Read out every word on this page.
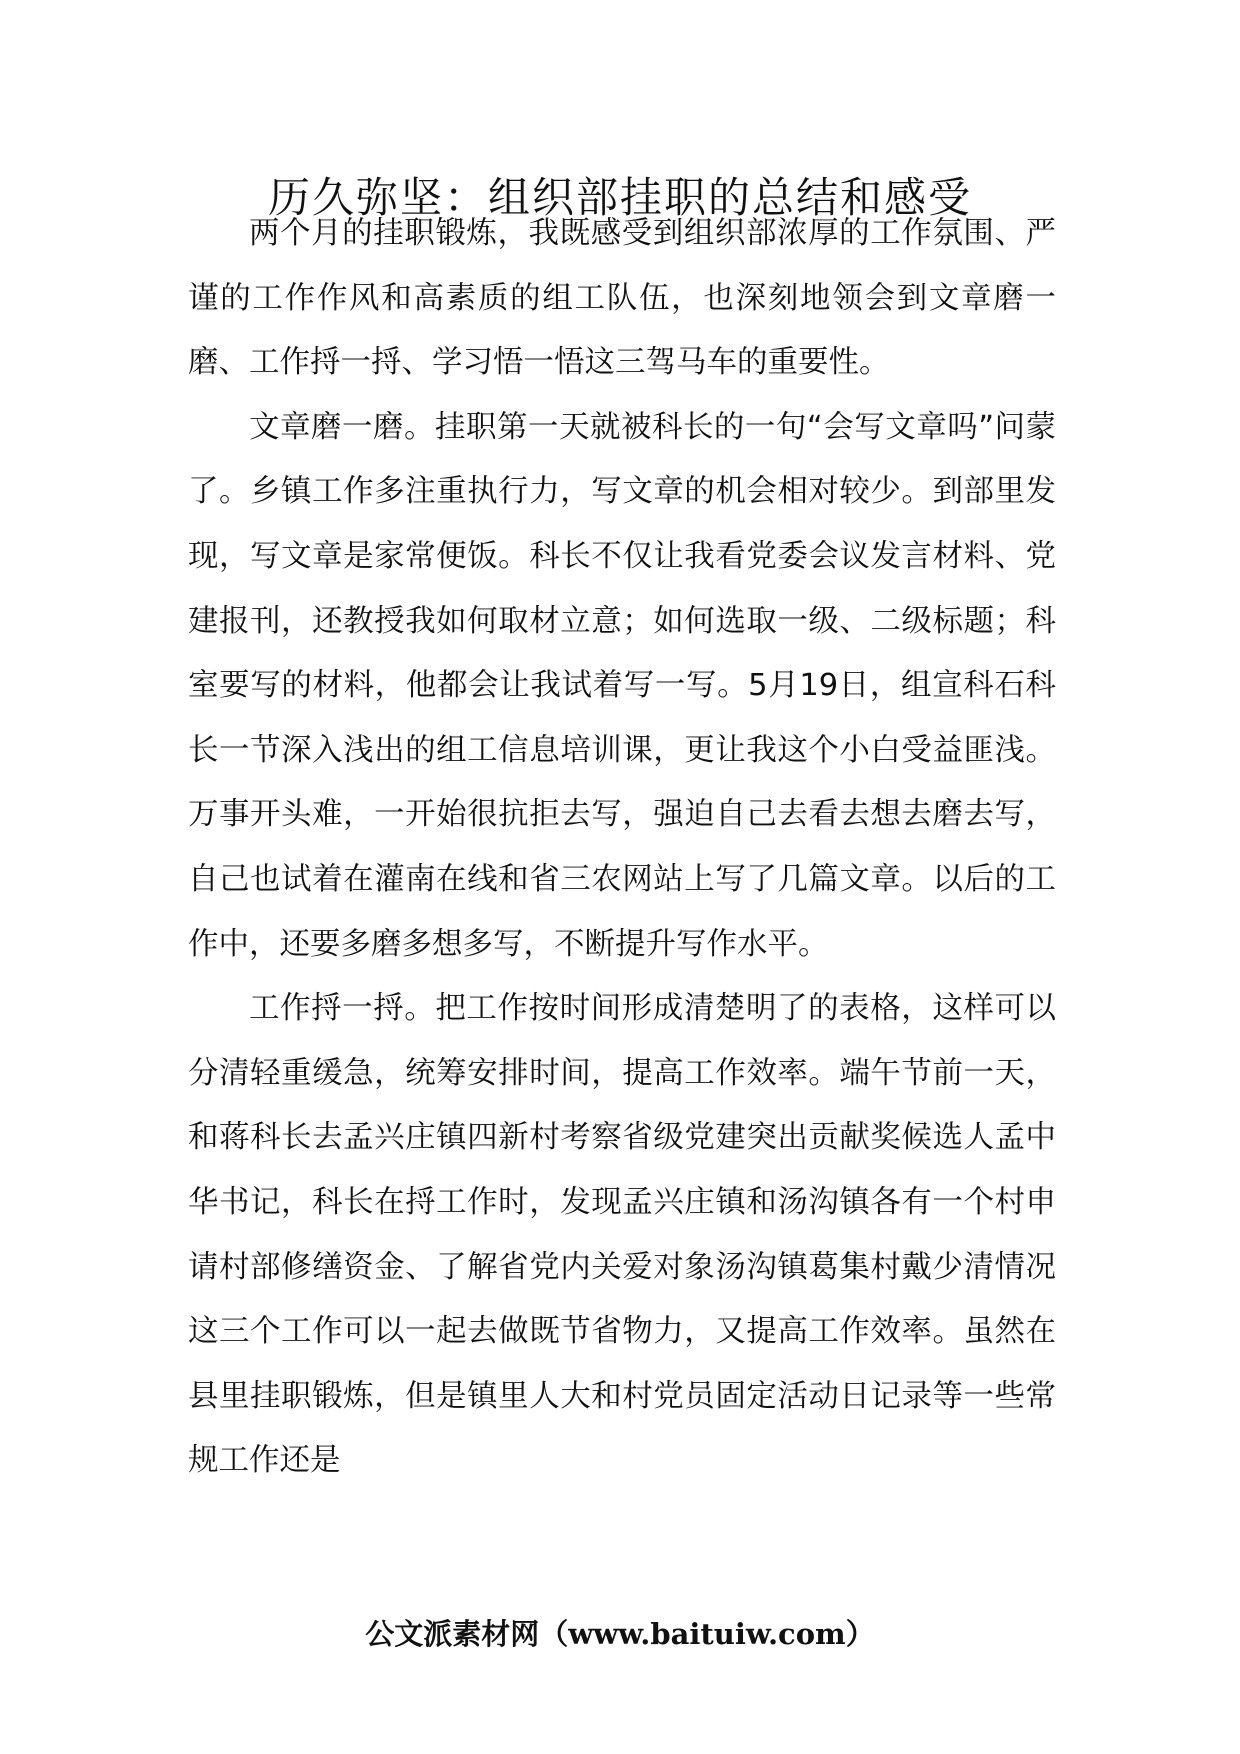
历久弥坚：组织部挂职的总结和感受

两个月的挂职锻炼，我既感受到组织部浓厚的工作氛围、严谨的工作作风和高素质的组工队伍，也深刻地领会到文章磨一磨、工作捋一捋、学习悟一悟这三驾马车的重要性。

文章磨一磨。挂职第一天就被科长的一句“会写文章吗”问蒙了。乡镇工作多注重执行力，写文章的机会相对较少。到部里发现，写文章是家常便饭。科长不仅让我看党委会议发言材料、党建报刊，还教授我如何取材立意；如何选取一级、二级标题；科室要写的材料，他都会让我试着写一写。5月19日，组宣科石科长一节深入浅出的组工信息培训课，更让我这个小白受益匪浅。万事开头难，一开始很抗拒去写，强迫自己去看去想去磨去写，自己也试着在灌南在线和省三农网站上写了几篇文章。以后的工作中，还要多磨多想多写，不断提升写作水平。

工作捋一捋。把工作按时间形成清楚明了的表格，这样可以分清轻重缓急，统筹安排时间，提高工作效率。端午节前一天，和蒋科长去孟兴庄镇四新村考察省级党建突出贡献奖候选人孟中华书记，科长在捋工作时，发现孟兴庄镇和汤沟镇各有一个村申请村部修缮资金、了解省党内关爱对象汤沟镇葛集村戴少清情况这三个工作可以一起去做既节省物力，又提高工作效率。虽然在县里挂职锻炼，但是镇里人大和村党员固定活动日记录等一些常规工作还是

公文派素材网（www.baituiw.com）
